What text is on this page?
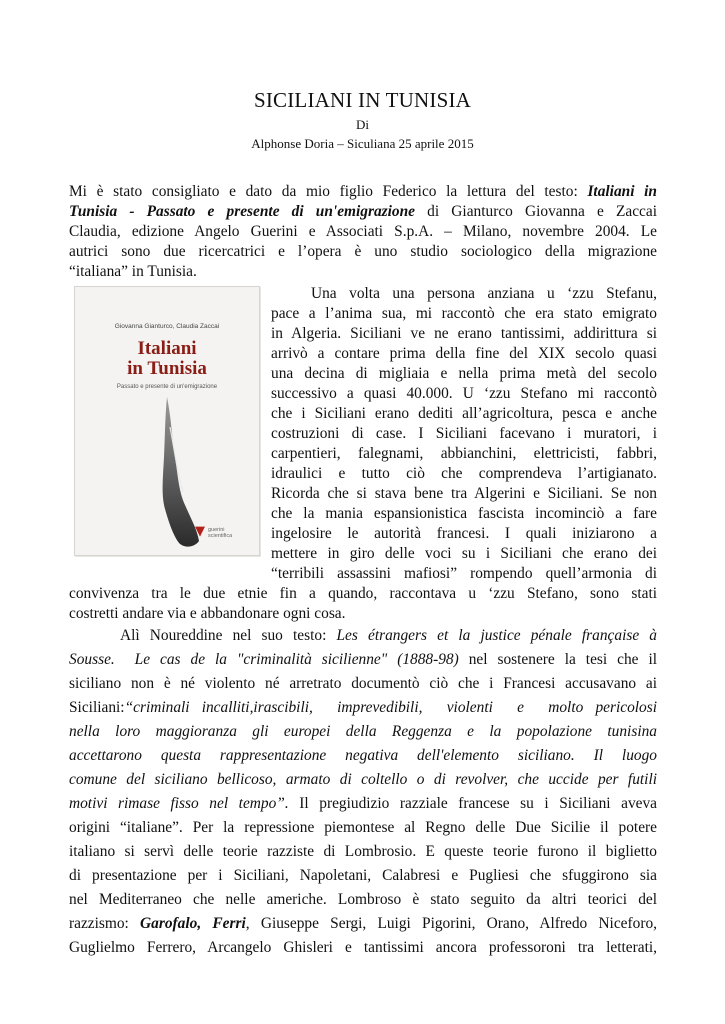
SICILIANI IN TUNISIA
Di
Alphonse Doria – Siculiana 25 aprile 2015
Mi è stato consigliato e dato da mio figlio Federico la lettura del testo: Italiani in
Tunisia - Passato e presente di un'emigrazione di Gianturco Giovanna e Zaccai
Claudia, edizione Angelo Guerini e Associati S.p.A. – Milano, novembre 2004. Le
autrici sono due ricercatrici e l’opera è uno studio sociologico della migrazione
“italiana” in Tunisia.
Giovanna Gianturco, Claudia Zaccai
Italiani
in Tunisia
Passato e presente di un'emigrazione
▼ guerini scientifica
Una volta una persona anziana u ‘zzu Stefanu,
pace a l’anima sua, mi raccontò che era stato emigrato
in Algeria. Siciliani ve ne erano tantissimi, addirittura si
arrivò a contare prima della fine del XIX secolo quasi
una decina di migliaia e nella prima metà del secolo
successivo a quasi 40.000. U ‘zzu Stefano mi raccontò
che i Siciliani erano dediti all’agricoltura, pesca e anche
costruzioni di case. I Siciliani facevano i muratori, i
carpentieri, falegnami, abbianchini, elettricisti, fabbri,
idraulici e tutto ciò che comprendeva l’artigianato.
Ricorda che si stava bene tra Algerini e Siciliani. Se non
che la mania espansionistica fascista incominciò a fare
ingelosire le autorità francesi. I quali iniziarono a
mettere in giro delle voci su i Siciliani che erano dei
“terribili assassini mafiosi” rompendo quell’armonia di
convivenza tra le due etnie fin a quando, raccontava u ‘zzu Stefano, sono stati
costretti andare via e abbandonare ogni cosa.
Alì Noureddine nel suo testo: Les étrangers et la justice pénale française à
Sousse.  Le cas de la "criminalità sicilienne" (1888-98) nel sostenere la tesi che il
siciliano non è né violento né arretrato documentò ciò che i Francesi accusavano ai
Siciliani:“criminali incalliti,irascibili,  imprevedibili,  violenti  e  molto pericolosi
nella loro maggioranza gli europei della Reggenza e la popolazione tunisina
accettarono questa rappresentazione negativa dell'elemento siciliano. Il luogo
comune del siciliano bellicoso, armato di coltello o di revolver, che uccide per futili
motivi rimase fisso nel tempo”. Il pregiudizio razziale francese su i Siciliani aveva
origini “italiane”. Per la repressione piemontese al Regno delle Due Sicilie il potere
italiano si servì delle teorie razziste di Lombrosio. E queste teorie furono il biglietto
di presentazione per i Siciliani, Napoletani, Calabresi e Pugliesi che sfuggirono sia
nel Mediterraneo che nelle americhe. Lombroso è stato seguito da altri teorici del
razzismo: Garofalo, Ferri, Giuseppe Sergi, Luigi Pigorini, Orano, Alfredo Niceforo,
Guglielmo Ferrero, Arcangelo Ghisleri e tantissimi ancora professoroni tra letterati,
